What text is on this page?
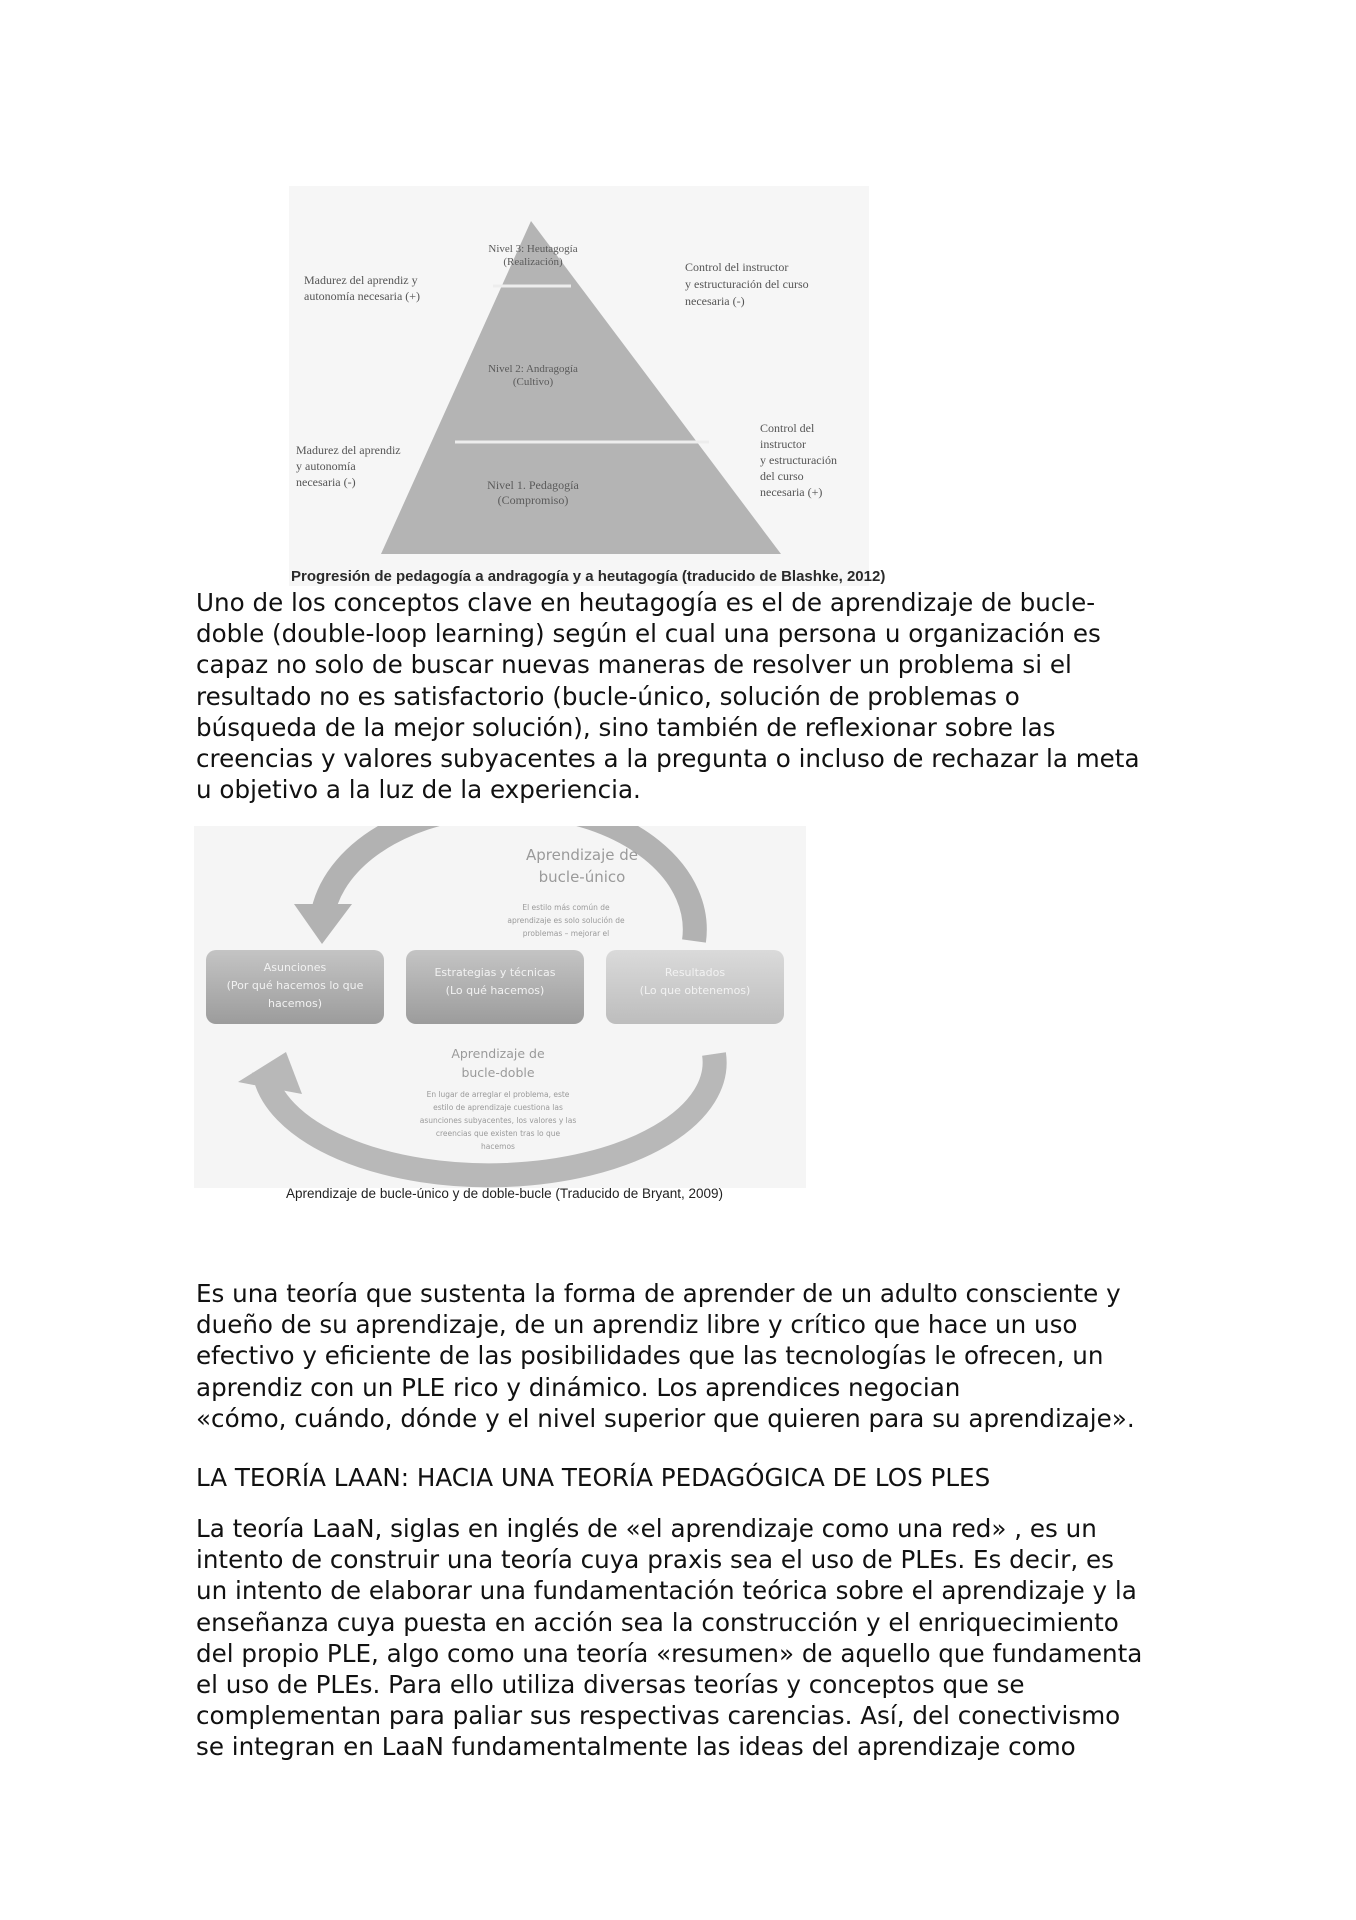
Nivel 3: Heutagogía
(Realización)
Nivel 2: Andragogía
(Cultivo)
Nivel 1. Pedagogía
(Compromiso)
Madurez del aprendiz y
autonomía necesaria (+)
Madurez del aprendiz
y autonomía
necesaria (-)
Control del instructor
y estructuración del curso
necesaria (-)
Control del
instructor
y estructuración
del curso
necesaria (+)
Progresión de pedagogía a andragogía y a heutagogía (traducido de Blashke, 2012)

Uno de los conceptos clave en heutagogía es el de aprendizaje de bucle-
doble (double-loop learning) según el cual una persona u organización es
capaz no solo de buscar nuevas maneras de resolver un problema si el
resultado no es satisfactorio (bucle-único, solución de problemas o
búsqueda de la mejor solución), sino también de reflexionar sobre las
creencias y valores subyacentes a la pregunta o incluso de rechazar la meta
u objetivo a la luz de la experiencia.

Asunciones
(Por qué hacemos lo que
hacemos)
Estrategias y técnicas
(Lo qué hacemos)
Resultados
(Lo que obtenemos)
Aprendizaje de
bucle-único
El estilo más común de
aprendizaje es solo solución de
problemas – mejorar el
Aprendizaje de
bucle-doble
En lugar de arreglar el problema, este
estilo de aprendizaje cuestiona las
asunciones subyacentes, los valores y las
creencias que existen tras lo que
hacemos
Aprendizaje de bucle-único y de doble-bucle (Traducido de Bryant, 2009)

Es una teoría que sustenta la forma de aprender de un adulto consciente y
dueño de su aprendizaje, de un aprendiz libre y crítico que hace un uso
efectivo y eficiente de las posibilidades que las tecnologías le ofrecen, un
aprendiz con un PLE rico y dinámico. Los aprendices negocian
«cómo, cuándo, dónde y el nivel superior que quieren para su aprendizaje».

LA TEORÍA LAAN: HACIA UNA TEORÍA PEDAGÓGICA DE LOS PLES

La teoría LaaN, siglas en inglés de «el aprendizaje como una red» , es un
intento de construir una teoría cuya praxis sea el uso de PLEs. Es decir, es
un intento de elaborar una fundamentación teórica sobre el aprendizaje y la
enseñanza cuya puesta en acción sea la construcción y el enriquecimiento
del propio PLE, algo como una teoría «resumen» de aquello que fundamenta
el uso de PLEs. Para ello utiliza diversas teorías y conceptos que se
complementan para paliar sus respectivas carencias. Así, del conectivismo
se integran en LaaN fundamentalmente las ideas del aprendizaje como
